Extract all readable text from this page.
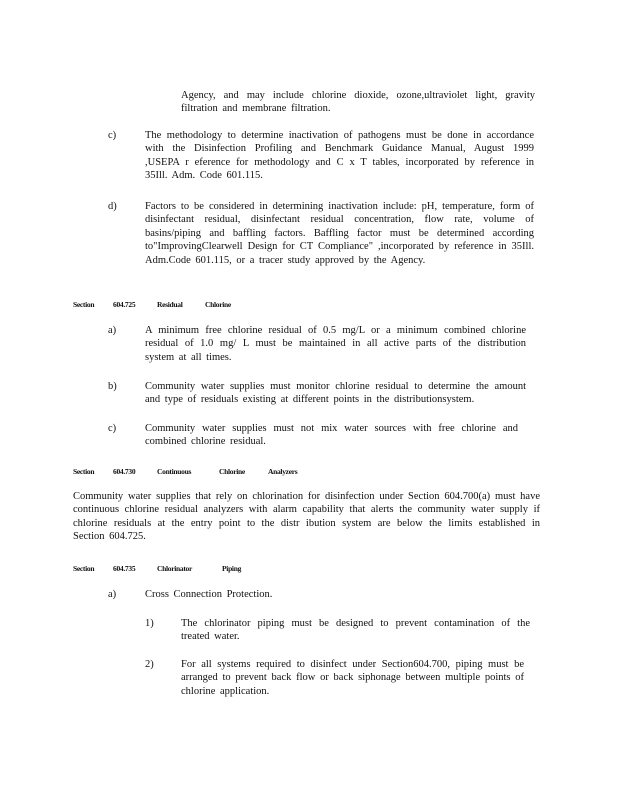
Agency, and may include chlorine dioxide, ozone,ultraviolet light, gravity filtration and membrane filtration.

c)	The methodology to determine inactivation of pathogens must be done in accordance with the Disinfection Profiling and Benchmark Guidance Manual, August 1999 ,USEPA r eference for methodology and C x T tables, incorporated by reference in 35Ill. Adm. Code 601.115.

d)	Factors to be considered in determining inactivation include: pH, temperature, form of disinfectant residual, disinfectant residual concentration, flow rate, volume of basins/piping and baffling factors. Baffling factor must be determined according to"ImprovingClearwell Design for CT Compliance" ,incorporated by reference in 35Ill. Adm.Code 601.115, or a tracer study approved by the Agency.

Section	604.725	Residual	Chlorine
a)	A minimum free chlorine residual of 0.5 mg/L or a minimum combined chlorine residual of 1.0 mg/ L must be maintained in all active parts of the distribution system at all times.

b)	Community water supplies must monitor chlorine residual to determine the amount and type of residuals existing at different points in the distributionsystem.

c)	Community water supplies must not mix water sources with free chlorine and combined chlorine residual.

Section	604.730	Continuous	Chlorine	Analyzers

Community water supplies that rely on chlorination for disinfection under Section 604.700(a) must have continuous chlorine residual analyzers with alarm capability that alerts the community water supply if chlorine residuals at the entry point to the distr ibution system are below the limits established in Section 604.725.

Section	604.735	Chlorinator	Piping
a)	Cross Connection Protection.

1)	The chlorinator piping must be designed to prevent contamination of the treated water.

2)	For all systems required to disinfect under Section604.700, piping must be arranged to prevent back flow or back siphonage between multiple points of chlorine application.
